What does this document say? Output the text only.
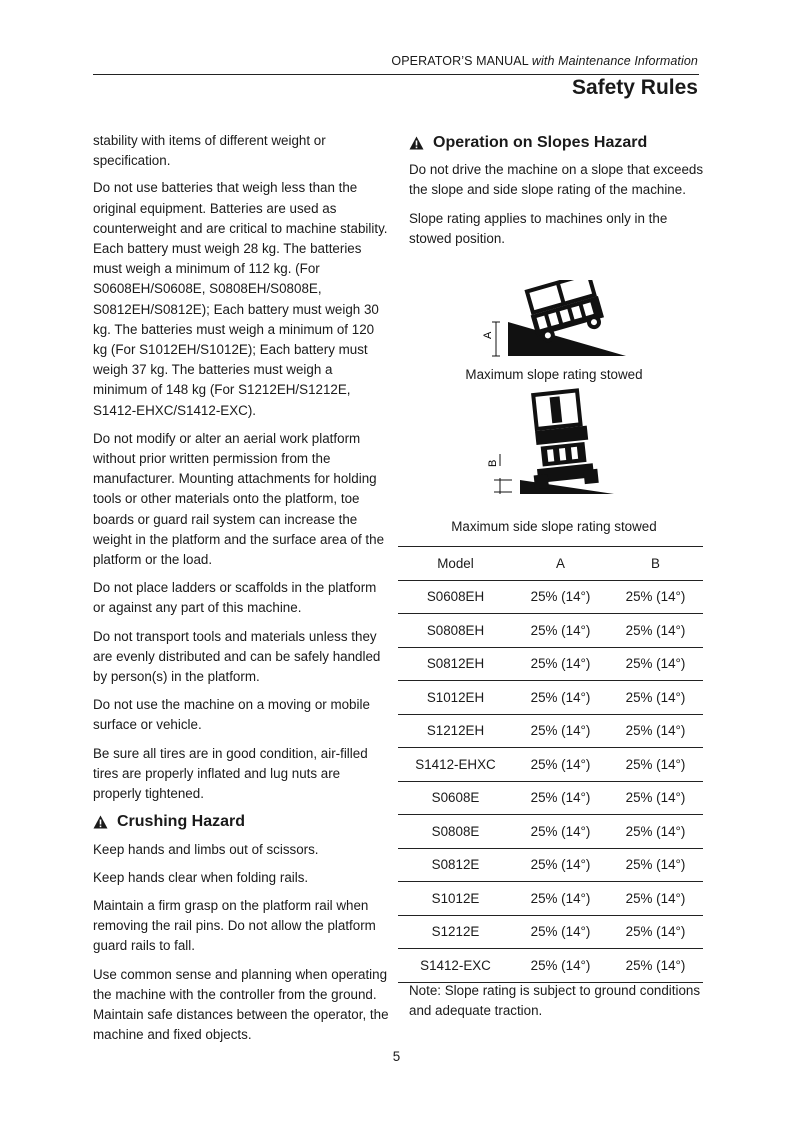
OPERATOR’S MANUAL with Maintenance Information
Safety Rules

stability with items of different weight or specification.

Do not use batteries that weigh less than the original equipment. Batteries are used as counterweight and are critical to machine stability. Each battery must weigh 28 kg. The batteries must weigh a minimum of 112 kg. (For S0608EH/S0608E, S0808EH/S0808E, S0812EH/S0812E); Each battery must weigh 30 kg. The batteries must weigh a minimum of 120 kg (For S1012EH/S1012E); Each battery must weigh 37 kg. The batteries must weigh a minimum of 148 kg (For S1212EH/S1212E, S1412-EHXC/S1412-EXC).

Do not modify or alter an aerial work platform without prior written permission from the manufacturer. Mounting attachments for holding tools or other materials onto the platform, toe boards or guard rail system can increase the weight in the platform and the surface area of the platform or the load.

Do not place ladders or scaffolds in the platform or against any part of this machine.

Do not transport tools and materials unless they are evenly distributed and can be safely handled by person(s) in the platform.

Do not use the machine on a moving or mobile surface or vehicle.

Be sure all tires are in good condition, air-filled tires are properly inflated and lug nuts are properly tightened.

Crushing Hazard

Keep hands and limbs out of scissors.

Keep hands clear when folding rails.

Maintain a firm grasp on the platform rail when removing the rail pins. Do not allow the platform guard rails to fall.

Use common sense and planning when operating the machine with the controller from the ground. Maintain safe distances between the operator, the machine and fixed objects.

Operation on Slopes Hazard

Do not drive the machine on a slope that exceeds the slope and side slope rating of the machine.

Slope rating applies to machines only in the stowed position.

A
Maximum slope rating stowed
B
Maximum side slope rating stowed
Model	A	B
S0608EH	25% (14°)	25% (14°)
S0808EH	25% (14°)	25% (14°)
S0812EH	25% (14°)	25% (14°)
S1012EH	25% (14°)	25% (14°)
S1212EH	25% (14°)	25% (14°)
S1412-EHXC	25% (14°)	25% (14°)
S0608E	25% (14°)	25% (14°)
S0808E	25% (14°)	25% (14°)
S0812E	25% (14°)	25% (14°)
S1012E	25% (14°)	25% (14°)
S1212E	25% (14°)	25% (14°)
S1412-EXC	25% (14°)	25% (14°)
Note: Slope rating is subject to ground conditions and adequate traction.
5
